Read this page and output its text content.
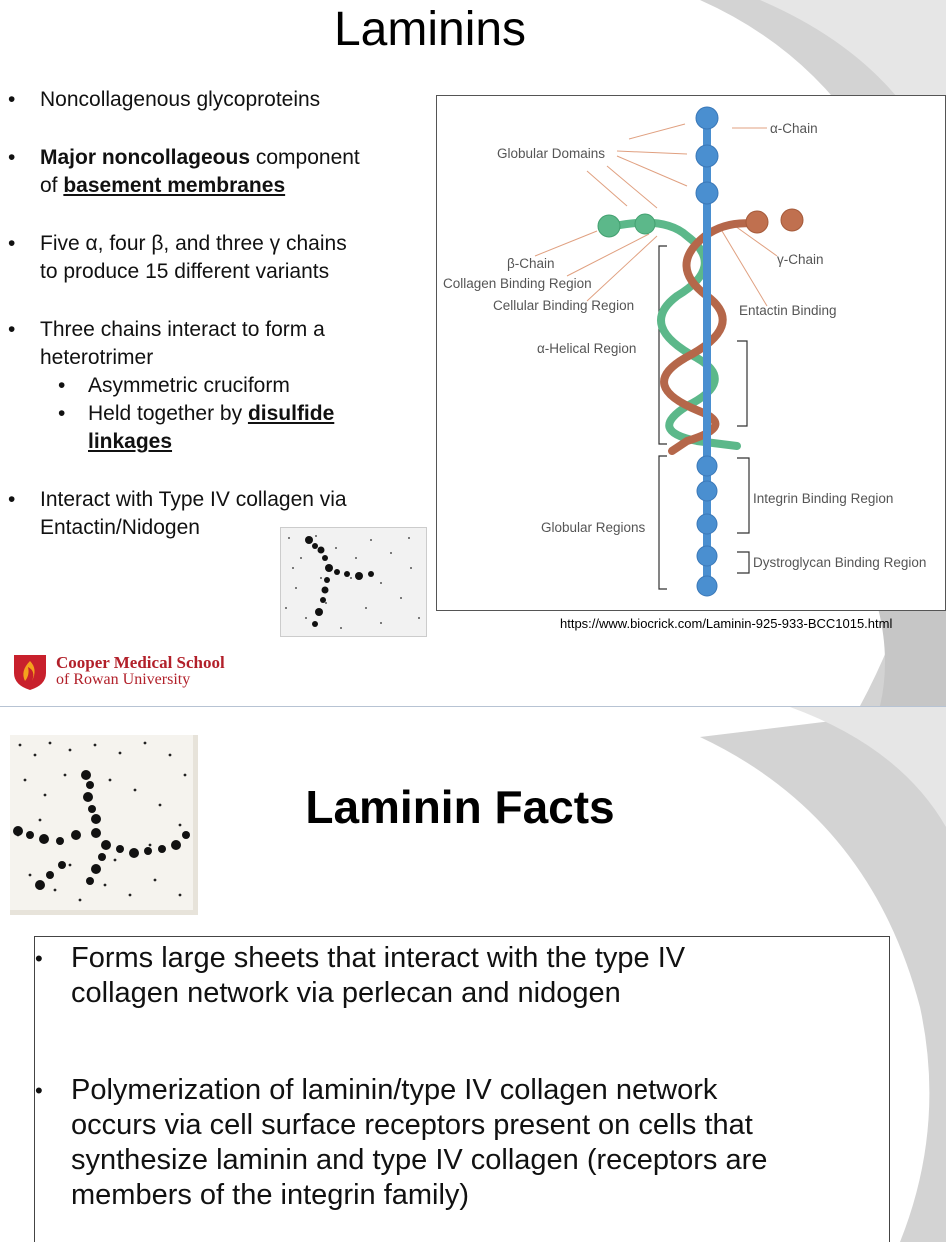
Laminins
• Noncollagenous glycoproteins
• Major noncollageous component
of basement membranes
• Five α, four β, and three γ chains
to produce 15 different variants
• Three chains interact to form a
heterotrimer
• Asymmetric cruciform
• Held together by disulfide
linkages
• Interact with Type IV collagen via
Entactin/Nidogen
α-Chain
Globular Domains
β-Chain	γ-Chain
Collagen Binding Region
Cellular Binding Region	Entactin Binding
α-Helical Region
Integrin Binding Region
Globular Regions
Dystroglycan Binding Region
https://www.biocrick.com/Laminin-925-933-BCC1015.html
Cooper Medical School
of Rowan University
Laminin Facts
• Forms large sheets that interact with the type IV
collagen network via perlecan and nidogen
• Polymerization of laminin/type IV collagen network
occurs via cell surface receptors present on cells that
synthesize laminin and type IV collagen (receptors are
members of the integrin family)
